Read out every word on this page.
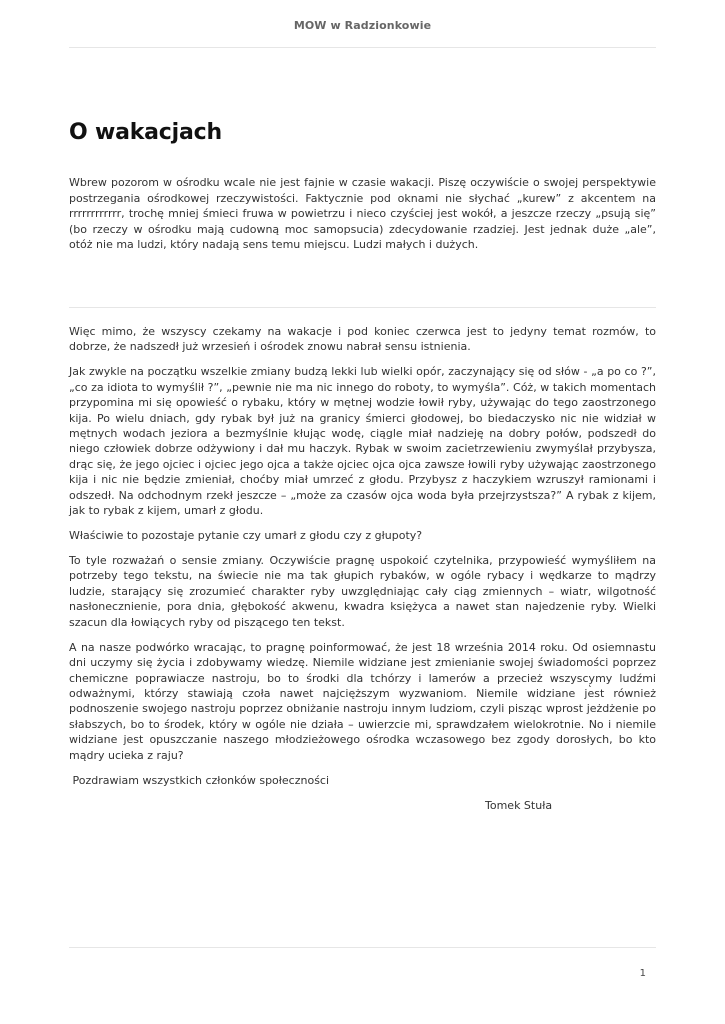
MOW w Radzionkowie
O wakacjach

Wbrew pozorom w ośrodku wcale nie jest fajnie w czasie wakacji. Piszę oczywiście o swojej perspektywie postrzegania ośrodkowej rzeczywistości. Faktycznie pod oknami nie słychać „kurew” z akcentem na rrrrrrrrrrrr, trochę mniej śmieci fruwa w powietrzu i nieco czyściej jest wokół, a jeszcze rzeczy „psują się” (bo rzeczy w ośrodku mają cudowną moc samopsucia) zdecydowanie rzadziej. Jest jednak duże „ale”, otóż nie ma ludzi, który nadają sens temu miejscu. Ludzi małych i dużych.

Więc mimo, że wszyscy czekamy na wakacje i pod koniec czerwca jest to jedyny temat rozmów, to dobrze, że nadszedł już wrzesień i ośrodek znowu nabrał sensu istnienia.

Jak zwykle na początku wszelkie zmiany budzą lekki lub wielki opór, zaczynający się od słów - „a po co ?”, „co za idiota to wymyślił ?”, „pewnie nie ma nic innego do roboty, to wymyśla”. Cóż, w takich momentach przypomina mi się opowieść o rybaku, który w mętnej wodzie łowił ryby, używając do tego zaostrzonego kija. Po wielu dniach, gdy rybak był już na granicy śmierci głodowej, bo biedaczysko nic nie widział w mętnych wodach jeziora a bezmyślnie kłując wodę, ciągle miał nadzieję na dobry połów, podszedł do niego człowiek dobrze odżywiony i dał mu haczyk. Rybak w swoim zacietrzewieniu zwymyślał przybysza, drąc się, że jego ojciec i ojciec jego ojca a także ojciec ojca ojca zawsze łowili ryby używając zaostrzonego kija i nic nie będzie zmieniał, choćby miał umrzeć z głodu. Przybysz z haczykiem wzruszył ramionami i odszedł. Na odchodnym rzekł jeszcze – „może za czasów ojca woda była przejrzystsza?” A rybak z kijem, jak to rybak z kijem, umarł z głodu.

Właściwie to pozostaje pytanie czy umarł z głodu czy z głupoty?

To tyle rozważań o sensie zmiany. Oczywiście pragnę uspokoić czytelnika, przypowieść wymyśliłem na potrzeby tego tekstu, na świecie nie ma tak głupich rybaków, w ogóle rybacy i wędkarze to mądrzy ludzie, starający się zrozumieć charakter ryby uwzględniając cały ciąg zmiennych – wiatr, wilgotność nasłonecznienie, pora dnia, głębokość akwenu, kwadra księżyca a nawet stan najedzenie ryby. Wielki szacun dla łowiących ryby od piszącego ten tekst.

A na nasze podwórko wracając, to pragnę poinformować, że jest 18 września 2014 roku. Od osiemnastu dni uczymy się życia i zdobywamy wiedzę. Niemile widziane jest zmienianie swojej świadomości poprzez chemiczne poprawiacze nastroju, bo to środki dla tchórzy i lamerów a przecież wszyscy̨my ludźmi odważnymi, którzy stawiają czoła nawet najcięższym wyzwaniom. Niemile widziane jest również podnoszenie swojego nastroju poprzez obniżanie nastroju innym ludziom, czyli pisząc wprost jeżdżenie po słabszych, bo to środek, który w ogóle nie działa – uwierzcie mi, sprawdzałem wielokrotnie. No i niemile widziane jest opuszczanie naszego młodzieżowego ośrodka wczasowego bez zgody dorosłych, bo kto mądry ucieka z raju?

Pozdrawiam wszystkich członków społeczności

Tomek Stuła

1
